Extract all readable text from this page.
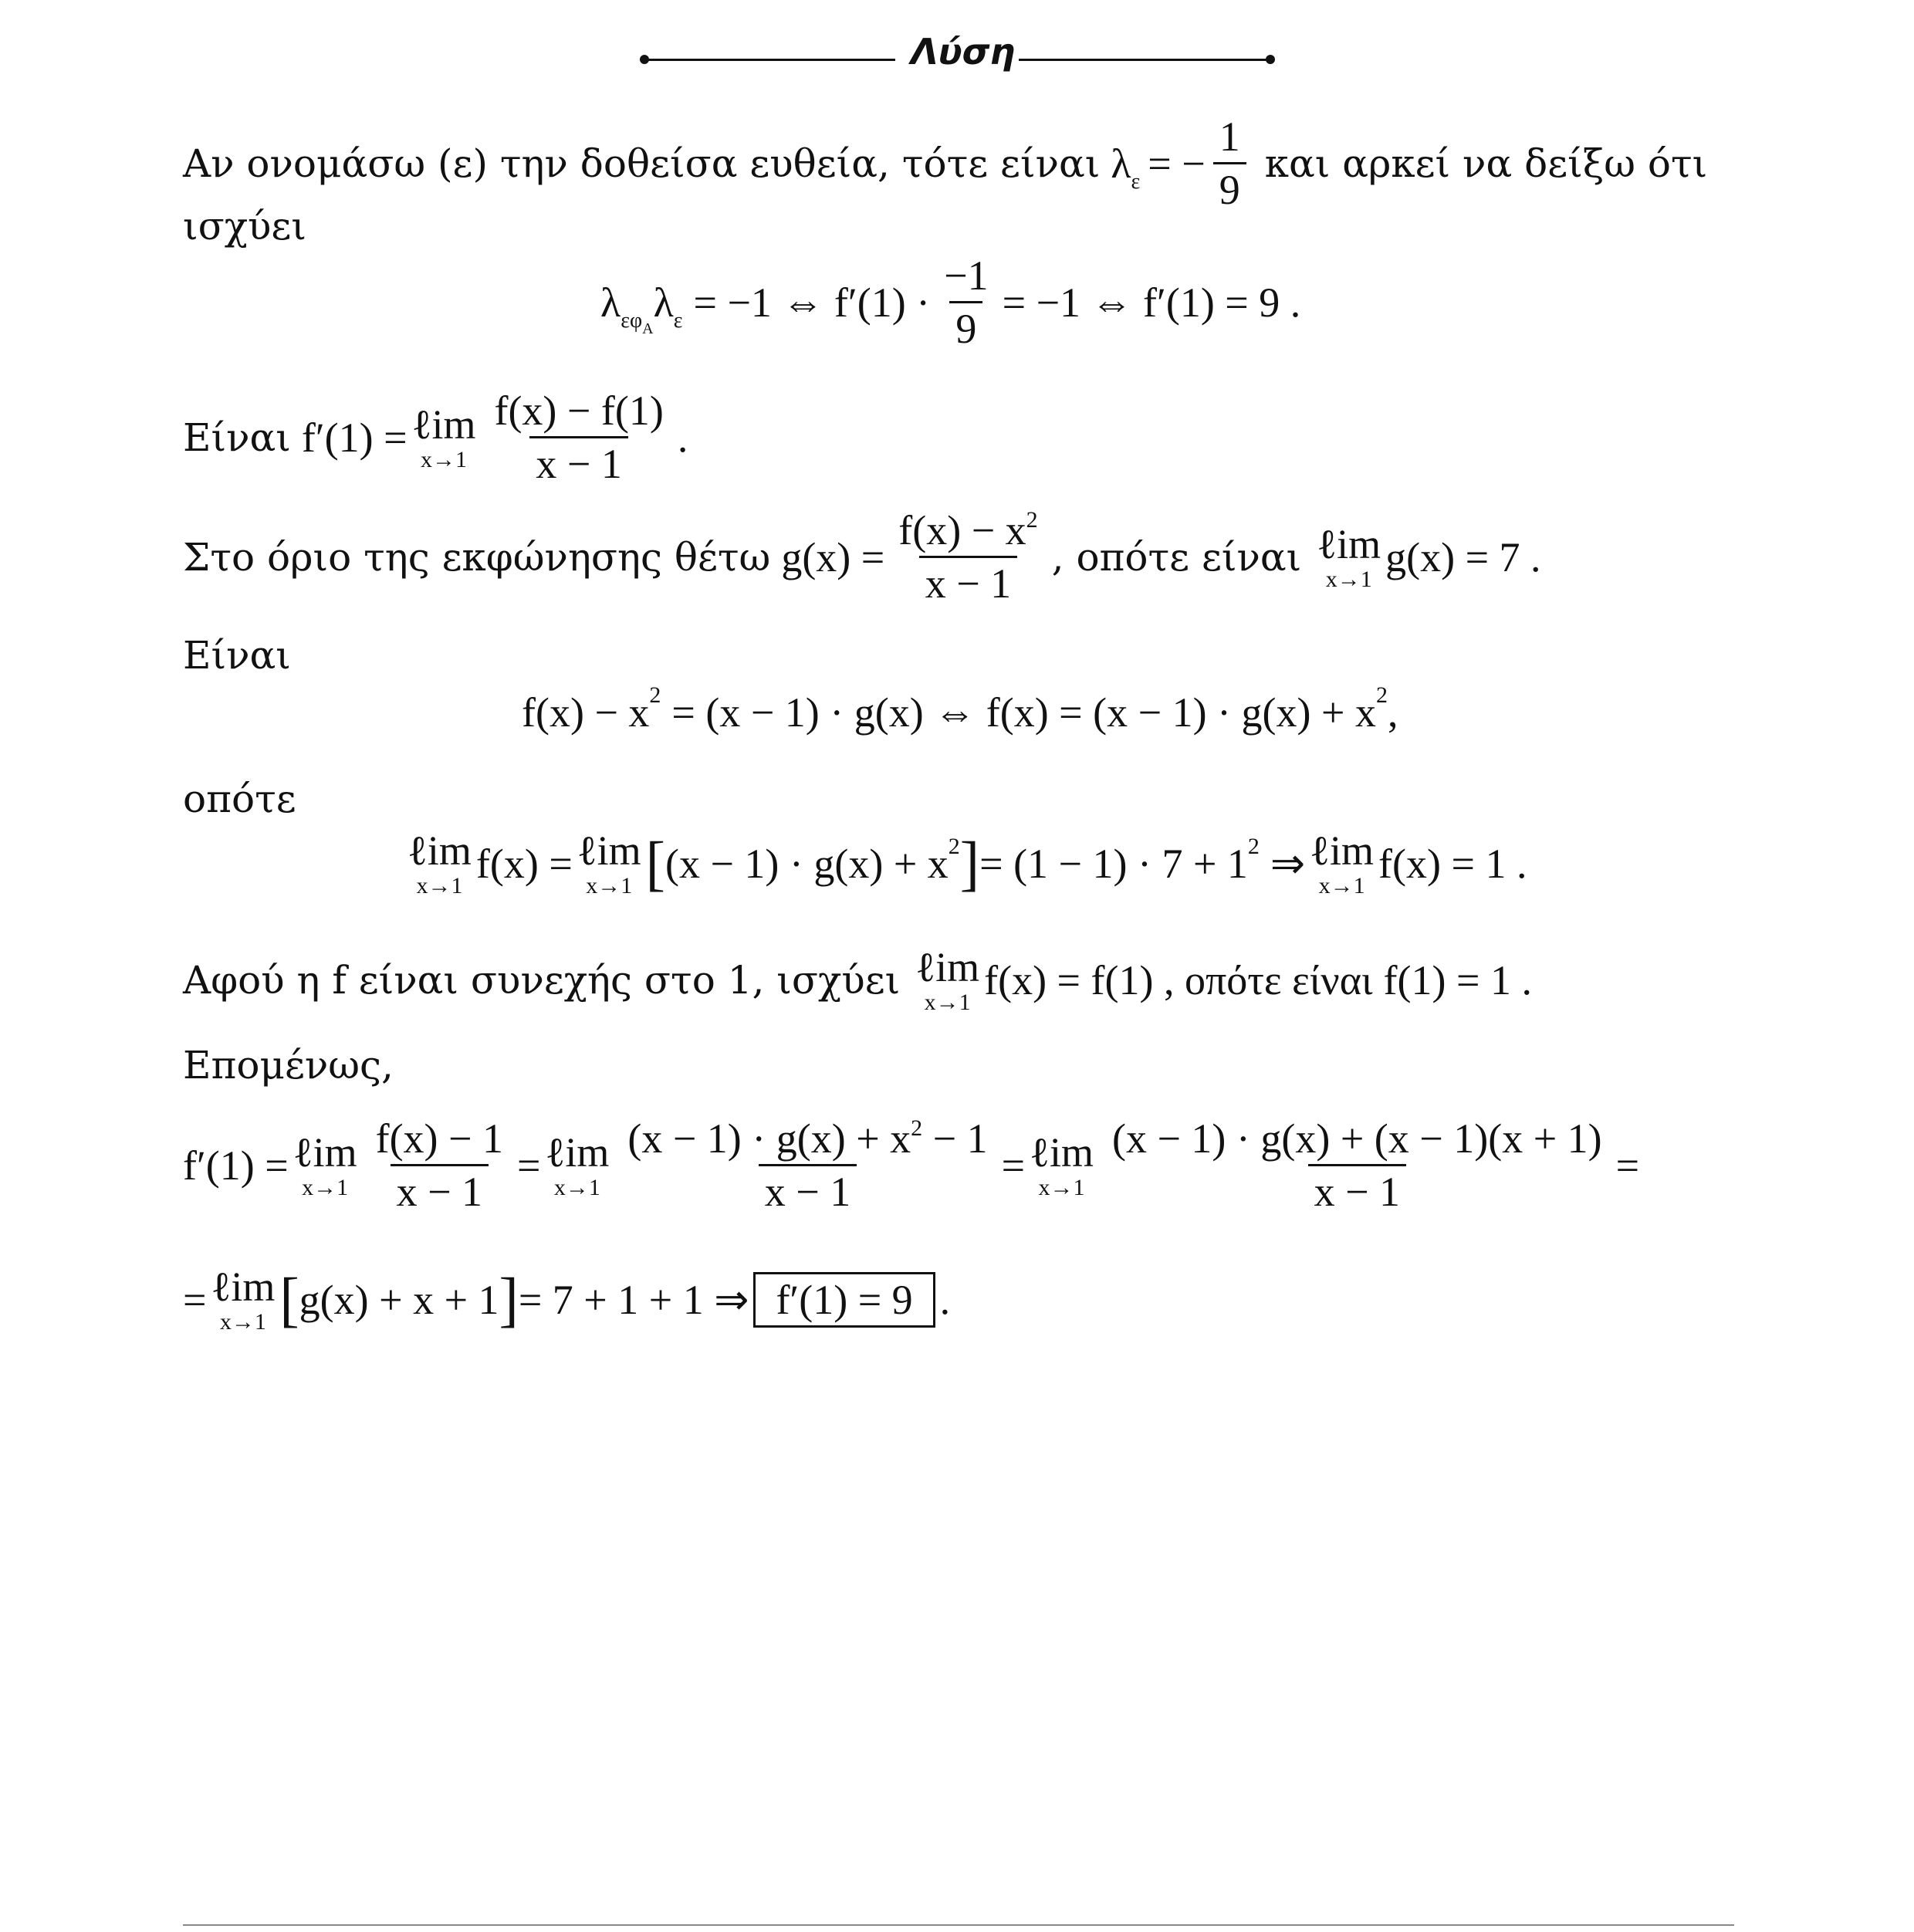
Λύση
Αν ονομάσω (ε) την δοθείσα ευθεία, τότε είναι $\lambda_\varepsilon$ = − $\frac{1}{9}$ και αρκεί να δείξω ότι
ισχύει
$\lambda_{\varepsilon\varphi A}$
$\lambda_\varepsilon = -1$ ⇔ $f'(1) \cdot \frac{-1}{9} = -1$ ⇔ f′(1) = 9 .
Είναι f′(1) = ℓim
$x\to 1 \frac{f(x) - f(1)}{x - 1}$ .
Στο όριο της εκφώνησης θέτω $g(x) = \frac{f(x) - x^2}{x - 1}$ , οπότε είναι ℓim
x→1 g(x) = 7 .
Είναι
f(x) − x 2 = (x − 1) · g(x) ⇔ f(x) = (x − 1) · g(x) + x 2 ,
οπότε
ℓim
x→1 f(x) = ℓim
x→1 [ (x − 1) · g(x) + x 2 ] = (1 − 1) · 7 + 1 2 ⇒ ℓim
x→1 f(x) = 1 .
Αφού η f είναι συνεχής στο 1, ισχύει ℓim
x→1 f(x) = f(1) , οπότε είναι f(1) = 1 .
Επομένως,
f′(1) = ℓim
$x\to 1 \frac{f(x) - 1}{x - 1}$ = ℓim
$x\to 1 \frac{(x - 1) \cdot g(x) + x^2 - 1}{x - 1}$ = ℓim
$x\to 1 \frac{(x - 1) \cdot g(x) + (x - 1)(x + 1)}{x - 1}$ =
= ℓim
x→1 [ g(x) + x + 1 ] = 7 + 1 + 1 ⇒ f′(1) = 9 .
